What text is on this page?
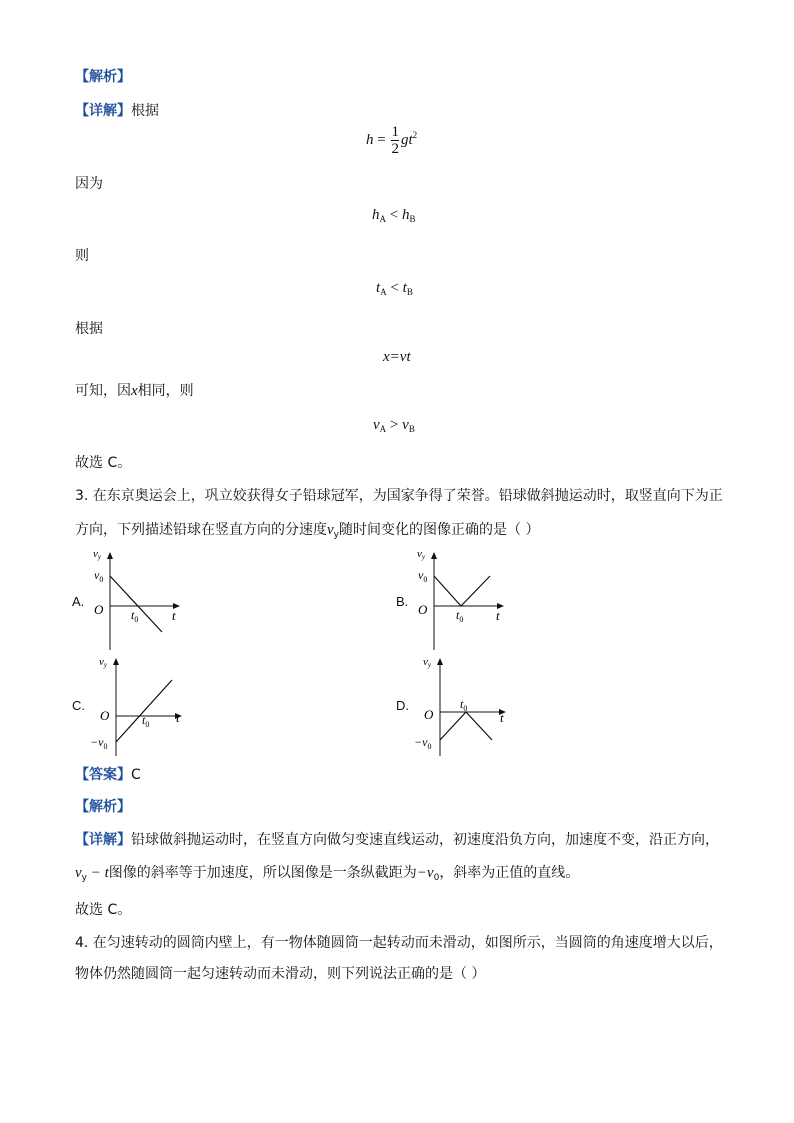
【解析】
【详解】根据
$h = \frac{1}{2} gt^2$
因为
$h_A < h_B$
则
$t_A < t_B$
根据
x=vt
可知，因x相同，则
$v_A > v_B$
故选 C。
3. 在东京奥运会上，巩立姣获得女子铅球冠军，为国家争得了荣誉。铅球做斜抛运动时，取竖直向下为正
方向，下列描述铅球在竖直方向的分速度$v_y$随时间变化的图像正确的是（ ）
A.	B.
C.	D.
vy
$v_0$
O $t_0$	t
vy
$v_0$
O $t_0$	t
vy
O	$t_0$ t
$-v_0$
vy
O
$t_0$
t
$-v_0$
【答案】C
【解析】
【详解】铅球做斜抛运动时，在竖直方向做匀变速直线运动，初速度沿负方向，加速度不变，沿正方向，
$v_y - t$图像的斜率等于加速度，所以图像是一条纵截距为$-v_0$，斜率为正值的直线。
故选 C。
4. 在匀速转动的圆筒内壁上，有一物体随圆筒一起转动而未滑动，如图所示，当圆筒的角速度增大以后，
物体仍然随圆筒一起匀速转动而未滑动，则下列说法正确的是（ ）
